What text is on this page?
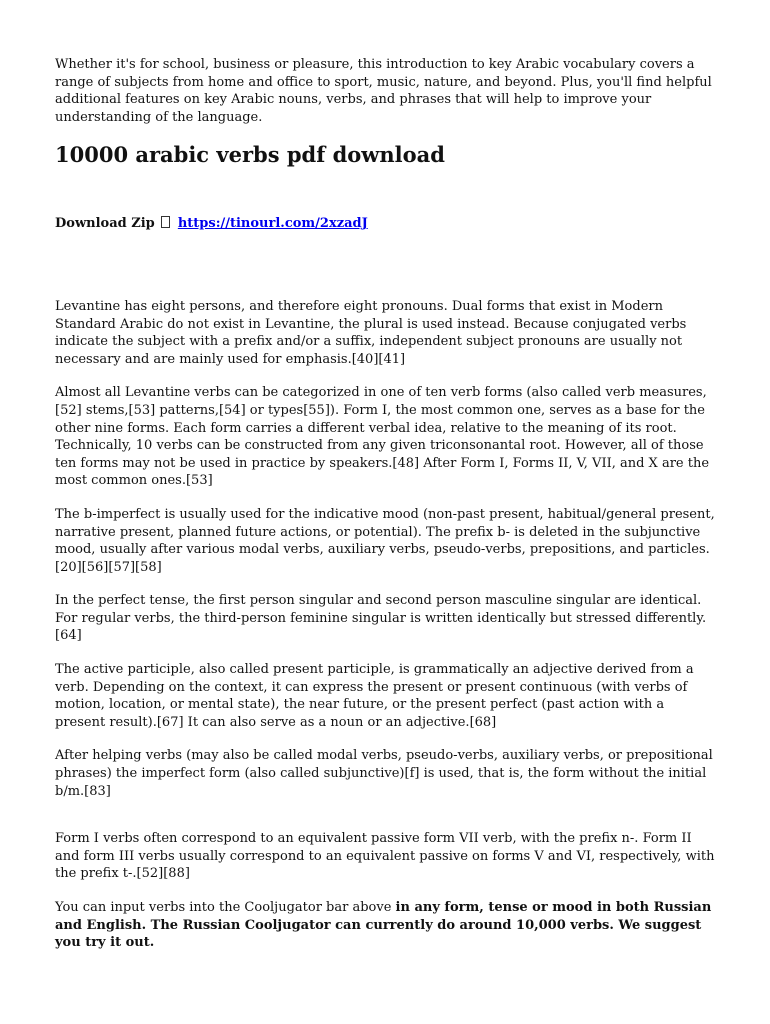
Whether it's for school, business or pleasure, this introduction to key Arabic vocabulary covers a range of subjects from home and office to sport, music, nature, and beyond. Plus, you'll find helpful additional features on key Arabic nouns, verbs, and phrases that will help to improve your understanding of the language.

10000 arabic verbs pdf download

Download Zip https://tinourl.com/2xzadJ

Levantine has eight persons, and therefore eight pronouns. Dual forms that exist in Modern Standard Arabic do not exist in Levantine, the plural is used instead. Because conjugated verbs indicate the subject with a prefix and/or a suffix, independent subject pronouns are usually not necessary and are mainly used for emphasis.[40][41]

Almost all Levantine verbs can be categorized in one of ten verb forms (also called verb measures,[52] stems,[53] patterns,[54] or types[55]). Form I, the most common one, serves as a base for the other nine forms. Each form carries a different verbal idea, relative to the meaning of its root. Technically, 10 verbs can be constructed from any given triconsonantal root. However, all of those ten forms may not be used in practice by speakers.[48] After Form I, Forms II, V, VII, and X are the most common ones.[53]

The b-imperfect is usually used for the indicative mood (non-past present, habitual/general present, narrative present, planned future actions, or potential). The prefix b- is deleted in the subjunctive mood, usually after various modal verbs, auxiliary verbs, pseudo-verbs, prepositions, and particles.[20][56][57][58]

In the perfect tense, the first person singular and second person masculine singular are identical. For regular verbs, the third-person feminine singular is written identically but stressed differently.[64]

The active participle, also called present participle, is grammatically an adjective derived from a verb. Depending on the context, it can express the present or present continuous (with verbs of motion, location, or mental state), the near future, or the present perfect (past action with a present result).[67] It can also serve as a noun or an adjective.[68]

After helping verbs (may also be called modal verbs, pseudo-verbs, auxiliary verbs, or prepositional phrases) the imperfect form (also called subjunctive)[f] is used, that is, the form without the initial b/m.[83]

Form I verbs often correspond to an equivalent passive form VII verb, with the prefix n-. Form II and form III verbs usually correspond to an equivalent passive on forms V and VI, respectively, with the prefix t-.[52][88]

You can input verbs into the Cooljugator bar above in any form, tense or mood in both Russian and English. The Russian Cooljugator can currently do around 10,000 verbs. We suggest you try it out.
